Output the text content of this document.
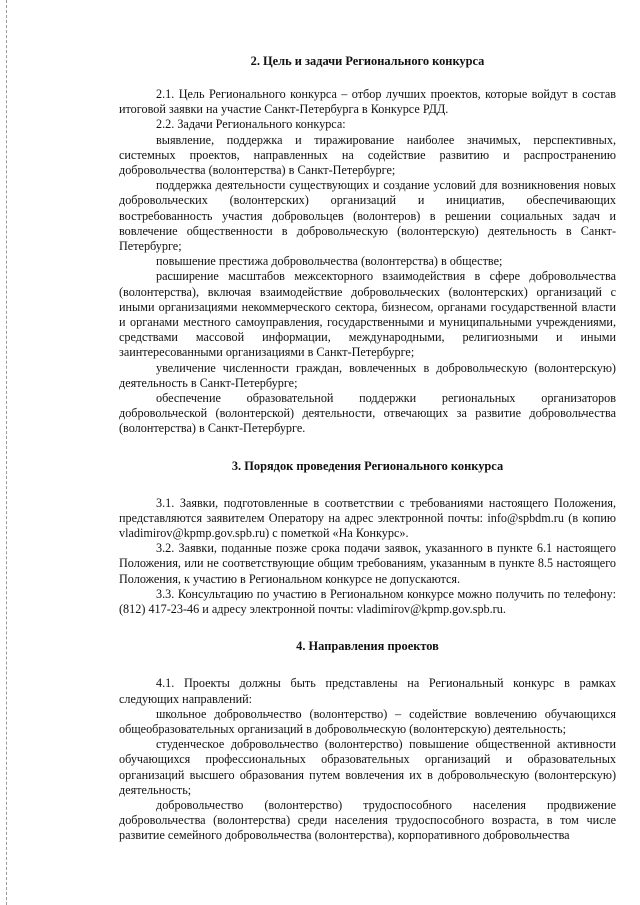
2. Цель и задачи Регионального конкурса

2.1. Цель Регионального конкурса – отбор лучших проектов, которые войдут в состав итоговой заявки на участие Санкт-Петербурга в Конкурсе РДД.

2.2. Задачи Регионального конкурса:

выявление, поддержка и тиражирование наиболее значимых, перспективных, системных проектов, направленных на содействие развитию и распространению добровольчества (волонтерства) в Санкт-Петербурге;

поддержка деятельности существующих и создание условий для возникновения новых добровольческих (волонтерских) организаций и инициатив, обеспечивающих востребованность участия добровольцев (волонтеров) в решении социальных задач и вовлечение общественности в добровольческую (волонтерскую) деятельность в Санкт-Петербурге;

повышение престижа добровольчества (волонтерства) в обществе;

расширение масштабов межсекторного взаимодействия в сфере добровольчества (волонтерства), включая взаимодействие добровольческих (волонтерских) организаций с иными организациями некоммерческого сектора, бизнесом, органами государственной власти и органами местного самоуправления, государственными и муниципальными учреждениями, средствами массовой информации, международными, религиозными и иными заинтересованными организациями в Санкт-Петербурге;

увеличение численности граждан, вовлеченных в добровольческую (волонтерскую) деятельность в Санкт-Петербурге;

обеспечение образовательной поддержки региональных организаторов добровольческой (волонтерской) деятельности, отвечающих за развитие добровольчества (волонтерства) в Санкт-Петербурге.

3. Порядок проведения Регионального конкурса

3.1. Заявки, подготовленные в соответствии с требованиями настоящего Положения, представляются заявителем Оператору на адрес электронной почты: info@spbdm.ru (в копию vladimirov@kpmp.gov.spb.ru) с пометкой «На Конкурс».

3.2. Заявки, поданные позже срока подачи заявок, указанного в пункте 6.1 настоящего Положения, или не соответствующие общим требованиям, указанным в пункте 8.5 настоящего Положения, к участию в Региональном конкурсе не допускаются.

3.3. Консультацию по участию в Региональном конкурсе можно получить по телефону: (812) 417-23-46 и адресу электронной почты: vladimirov@kpmp.gov.spb.ru.

4. Направления проектов

4.1. Проекты должны быть представлены на Региональный конкурс в рамках следующих направлений:

школьное добровольчество (волонтерство) – содействие вовлечению обучающихся общеобразовательных организаций в добровольческую (волонтерскую) деятельность;

студенческое добровольчество (волонтерство) повышение общественной активности обучающихся профессиональных образовательных организаций и образовательных организаций высшего образования путем вовлечения их в добровольческую (волонтерскую) деятельность;

добровольчество (волонтерство) трудоспособного населения продвижение добровольчества (волонтерства) среди населения трудоспособного возраста, в том числе развитие семейного добровольчества (волонтерства), корпоративного добровольчества
